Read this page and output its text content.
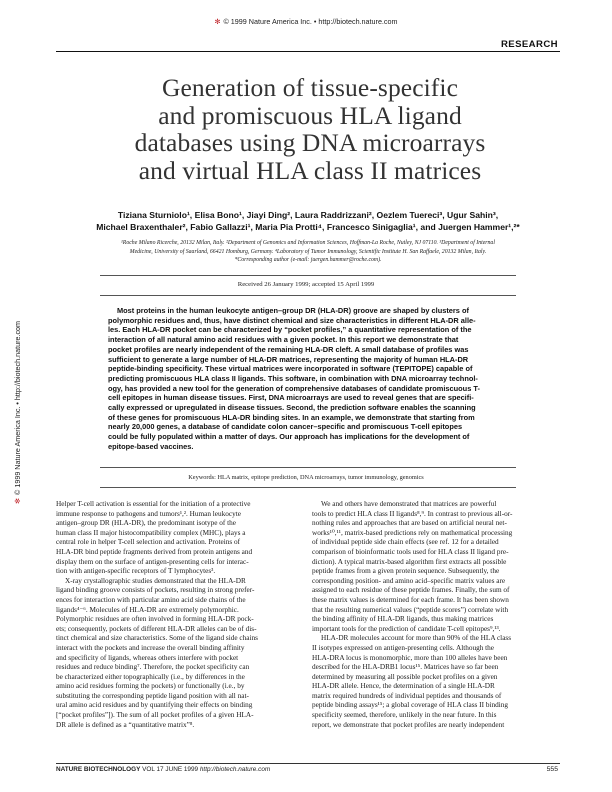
✻ © 1999 Nature America Inc. • http://biotech.nature.com
RESEARCH
Generation of tissue-specific
and promiscuous HLA ligand
databases using DNA microarrays
and virtual HLA class II matrices
Tiziana Sturniolo¹, Elisa Bono¹, Jiayi Ding², Laura Raddrizzani², Oezlem Tuereci³, Ugur Sahin³,
Michael Braxenthaler², Fabio Gallazzi¹, Maria Pia Protti⁴, Francesco Sinigaglia¹, and Juergen Hammer¹,²*
¹Roche Milano Ricerche, 20132 Milan, Italy. ²Department of Genomics and Information Sciences, Hoffman-La Roche, Nutley, NJ 07110. ³Department of Internal
Medicine, University of Saarland, 66421 Homburg, Germany. ⁴Laboratory of Tumor Immunology, Scientific Institute H. San Raffaele, 20132 Milan, Italy.
*Corresponding author (e-mail: juergen.hammer@roche.com).
Received 26 January 1999; accepted 15 April 1999
Most proteins in the human leukocyte antigen–group DR (HLA-DR) groove are shaped by clusters of
polymorphic residues and, thus, have distinct chemical and size characteristics in different HLA-DR alle-
les. Each HLA-DR pocket can be characterized by “pocket profiles,” a quantitative representation of the
interaction of all natural amino acid residues with a given pocket. In this report we demonstrate that
pocket profiles are nearly independent of the remaining HLA-DR cleft. A small database of profiles was
sufficient to generate a large number of HLA-DR matrices, representing the majority of human HLA-DR
peptide-binding specificity. These virtual matrices were incorporated in software (TEPITOPE) capable of
predicting promiscuous HLA class II ligands. This software, in combination with DNA microarray technol-
ogy, has provided a new tool for the generation of comprehensive databases of candidate promiscuous T-
cell epitopes in human disease tissues. First, DNA microarrays are used to reveal genes that are specifi-
cally expressed or upregulated in disease tissues. Second, the prediction software enables the scanning
of these genes for promiscuous HLA-DR binding sites. In an example, we demonstrate that starting from
nearly 20,000 genes, a database of candidate colon cancer–specific and promiscuous T-cell epitopes
could be fully populated within a matter of days. Our approach has implications for the development of
epitope-based vaccines.
Keywords: HLA matrix, epitope prediction, DNA microarrays, tumor immunology, genomics
✻© 1999 Nature America Inc. • http://biotech.nature.com
Helper T-cell activation is essential for the initiation of a protective
immune response to pathogens and tumors¹,². Human leukocyte
antigen–group DR (HLA-DR), the predominant isotype of the
human class II major histocompatibility complex (MHC), plays a
central role in helper T-cell selection and activation. Proteins of
HLA-DR bind peptide fragments derived from protein antigens and
display them on the surface of antigen-presenting cells for interac-
tion with antigen-specific receptors of T lymphocytes³.
X-ray crystallographic studies demonstrated that the HLA-DR
ligand binding groove consists of pockets, resulting in strong prefer-
ences for interaction with particular amino acid side chains of the
ligands⁴⁻⁶. Molecules of HLA-DR are extremely polymorphic.
Polymorphic residues are often involved in forming HLA-DR pock-
ets; consequently, pockets of different HLA-DR alleles can be of dis-
tinct chemical and size characteristics. Some of the ligand side chains
interact with the pockets and increase the overall binding affinity
and specificity of ligands, whereas others interfere with pocket
residues and reduce binding⁷. Therefore, the pocket specificity can
be characterized either topographically (i.e., by differences in the
amino acid residues forming the pockets) or functionally (i.e., by
substituting the corresponding peptide ligand position with all nat-
ural amino acid residues and by quantifying their effects on binding
[“pocket profiles”]). The sum of all pocket profiles of a given HLA-
DR allele is defined as a “quantitative matrix”⁸.
We and others have demonstrated that matrices are powerful
tools to predict HLA class II ligands⁸,⁹. In contrast to previous all-or-
nothing rules and approaches that are based on artificial neural net-
works¹⁰,¹¹, matrix-based predictions rely on mathematical processing
of individual peptide side chain effects (see ref. 12 for a detailed
comparison of bioinformatic tools used for HLA class II ligand pre-
diction). A typical matrix-based algorithm first extracts all possible
peptide frames from a given protein sequence. Subsequently, the
corresponding position- and amino acid–specific matrix values are
assigned to each residue of these peptide frames. Finally, the sum of
these matrix values is determined for each frame. It has been shown
that the resulting numerical values (“peptide scores”) correlate with
the binding affinity of HLA-DR ligands, thus making matrices
important tools for the prediction of candidate T-cell epitopes⁹,¹³.
HLA-DR molecules account for more than 90% of the HLA class
II isotypes expressed on antigen-presenting cells. Although the
HLA-DRA locus is monomorphic, more than 100 alleles have been
described for the HLA-DRB1 locus¹⁵. Matrices have so far been
determined by measuring all possible pocket profiles on a given
HLA-DR allele. Hence, the determination of a single HLA-DR
matrix required hundreds of individual peptides and thousands of
peptide binding assays¹⁵; a global coverage of HLA class II binding
specificity seemed, therefore, unlikely in the near future. In this
report, we demonstrate that pocket profiles are nearly independent
NATURE BIOTECHNOLOGY VOL 17 JUNE 1999 http://biotech.nature.com	555
